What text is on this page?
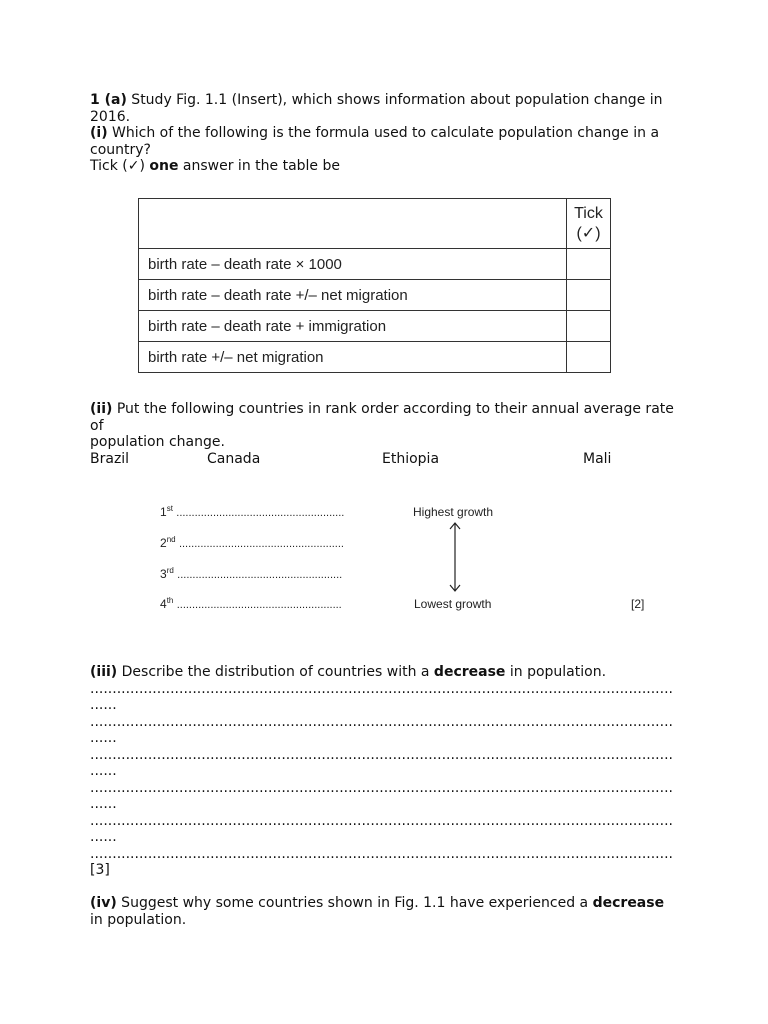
1 (a) Study Fig. 1.1 (Insert), which shows information about population change in 2016.
(i) Which of the following is the formula used to calculate population change in a country?
Tick (✓) one answer in the table be

	Tick
(✓)

birth rate – death rate × 1000	
birth rate – death rate +/– net migration	
birth rate – death rate + immigration	
birth rate +/– net migration	
(ii) Put the following countries in rank order according to their annual average rate of
population change.
Brazil	Canada	Ethiopia	Mali
1st .......................................................
2nd ......................................................
3rd ......................................................
4th ......................................................
Highest growth
Lowest growth	[2]
(iii) Describe the distribution of countries with a decrease in population.
...................................................................................................................................
......
...................................................................................................................................
......
...................................................................................................................................
......
...................................................................................................................................
......
...................................................................................................................................
......
...................................................................................................................................
[3]
(iv) Suggest why some countries shown in Fig. 1.1 have experienced a decrease in population.
